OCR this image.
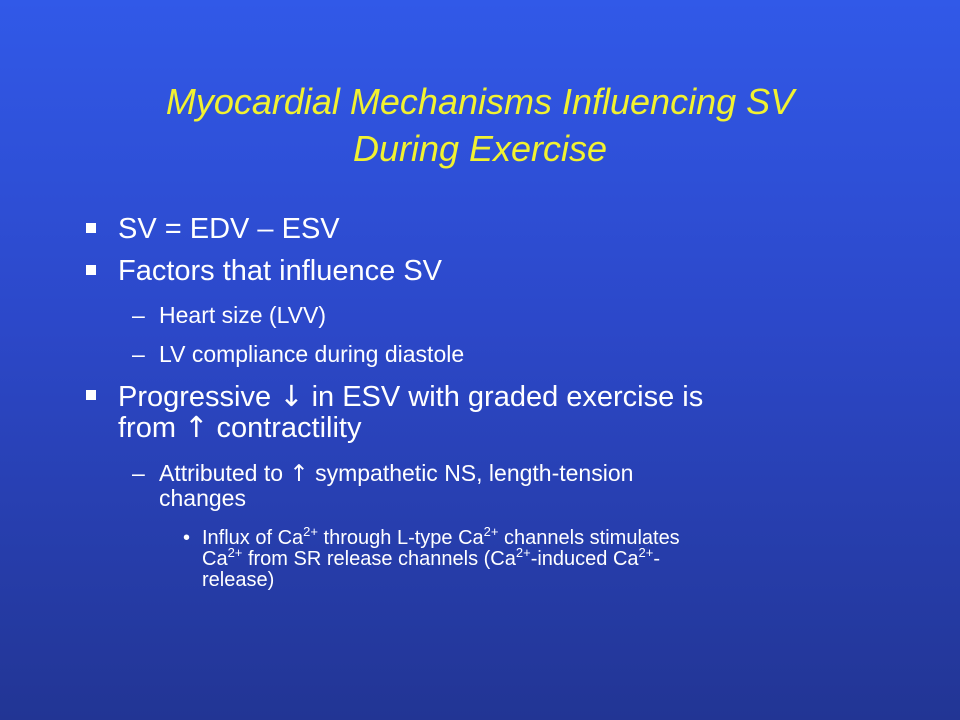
Myocardial Mechanisms Influencing SV
During Exercise
SV = EDV – ESV
Factors that influence SV
– Heart size (LVV)
– LV compliance during diastole
Progressive ↓ in ESV with graded exercise is
from ↑ contractility
– Attributed to ↑ sympathetic NS, length-tension
changes
• Influx of $Ca^{2+}$ through L-type $Ca^{2+}$ channels stimulates
$Ca^{2+}$ from SR release channels ($Ca^{2+}$-induced $Ca^{2+}-$
release)
